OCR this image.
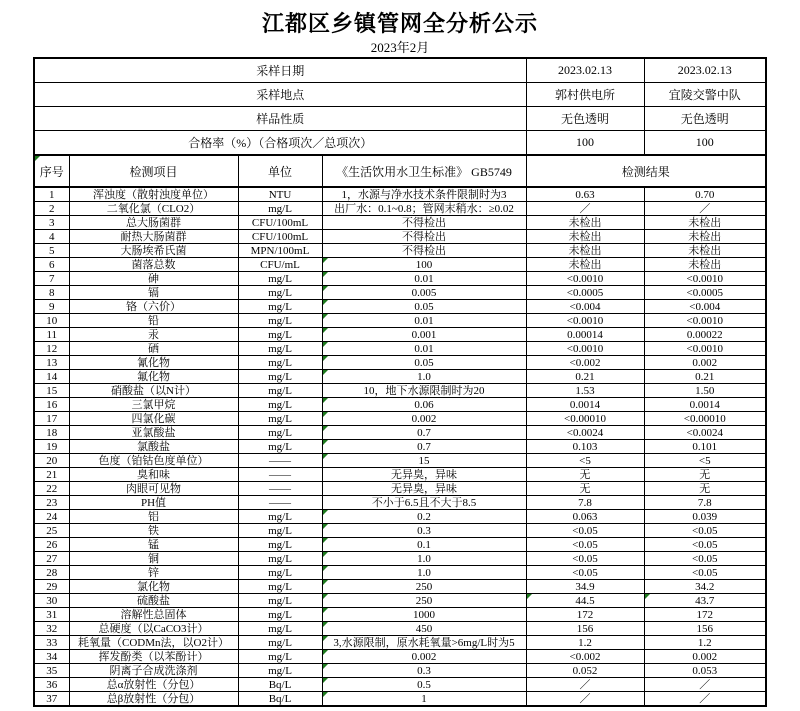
江都区乡镇管网全分析公示
2023年2月
采样日期				2023.02.13	2023.02.13
采样地点				郭村供电所	宜陵交警中队
样品性质				无色透明	无色透明
合格率（%）（合格项次／总项次）				100	100

序号	检测项目	单位	《生活饮用水卫生标准》 GB5749	检测结果	
1	浑浊度（散射浊度单位）	NTU	1，水源与净水技术条件限制时为3	0.63	0.70
2	二氧化氯（CLO2）	mg/L	出厂水：0.1~0.8；管网末稍水：≥0.02	／	／
3	总大肠菌群	CFU/100mL	不得检出	未检出	未检出
4	耐热大肠菌群	CFU/100mL	不得检出	未检出	未检出
5	大肠埃希氏菌	MPN/100mL	不得检出	未检出	未检出
6	菌落总数	CFU/mL	100	未检出	未检出
7	砷	mg/L	0.01	<0.0010	<0.0010
8	镉	mg/L	0.005	<0.0005	<0.0005
9	铬（六价）	mg/L	0.05	<0.004	<0.004
10	铅	mg/L	0.01	<0.0010	<0.0010
11	汞	mg/L	0.001	0.00014	0.00022
12	硒	mg/L	0.01	<0.0010	<0.0010
13	氰化物	mg/L	0.05	<0.002	0.002
14	氟化物	mg/L	1.0	0.21	0.21
15	硝酸盐（以N计）	mg/L	10，地下水源限制时为20	1.53	1.50
16	三氯甲烷	mg/L	0.06	0.0014	0.0014
17	四氯化碳	mg/L	0.002	<0.00010	<0.00010
18	亚氯酸盐	mg/L	0.7	<0.0024	<0.0024
19	氯酸盐	mg/L	0.7	0.103	0.101
20	色度（铂钴色度单位）	——	15	<5	<5
21	臭和味	——	无异臭，异味	无	无
22	肉眼可见物	——	无异臭，异味	无	无
23	PH值	——	不小于6.5且不大于8.5	7.8	7.8
24	铝	mg/L	0.2	0.063	0.039
25	铁	mg/L	0.3	<0.05	<0.05
26	锰	mg/L	0.1	<0.05	<0.05
27	铜	mg/L	1.0	<0.05	<0.05
28	锌	mg/L	1.0	<0.05	<0.05
29	氯化物	mg/L	250	34.9	34.2
30	硫酸盐	mg/L	250	44.5	43.7
31	溶解性总固体	mg/L	1000	172	172
32	总硬度（以CaCO3计）	mg/L	450	156	156
33	耗氧量（CODMn法，以O2计）	mg/L	3,水源限制，原水耗氧量>6mg/L时为5	1.2	1.2
34	挥发酚类（以苯酚计）	mg/L	0.002	<0.002	0.002
35	阴离子合成洗涤剂	mg/L	0.3	0.052	0.053
36	总α放射性（分包）	Bq/L	0.5	／	／
37	总β放射性（分包）	Bq/L	1	／	／
